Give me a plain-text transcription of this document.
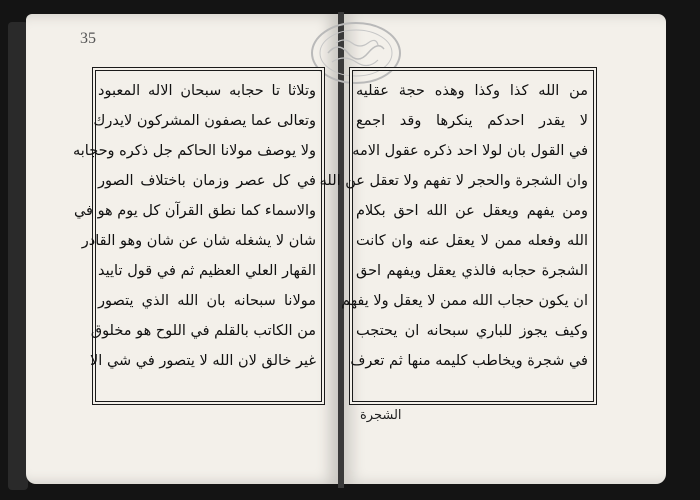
35
وتلاثا تا حجابه سبحان الاله المعبود
وتعالى عما يصفون المشركون لايدرك
ولا يوصف مولانا الحاكم جل ذكره وحجابه
في كل عصر وزمان باختلاف الصور
والاسماء كما نطق القرآن كل يوم هو في
شان لا يشغله شان عن شان وهو القادر
القهار العلي العظيم ثم في قول تاييد
مولانا سبحانه بان الله الذي يتصور
من الكاتب بالقلم في اللوح هو مخلوق
غير خالق لان الله لا يتصور في شي الا
من الله كذا وكذا وهذه حجة عقليه
لا يقدر احدكم ينكرها وقد اجمع
في القول بان لولا احد ذكره عقول الامه
وان الشجرة والحجر لا تفهم ولا تعقل عن الله
ومن يفهم ويعقل عن الله احق بكلام
الله وفعله ممن لا يعقل عنه وان كانت
الشجرة حجابه فالذي يعقل ويفهم احق
ان يكون حجاب الله ممن لا يعقل ولا يفهم
وكيف يجوز للباري سبحانه ان يحتجب
في شجرة ويخاطب كليمه منها ثم تعرف
الشجرة
